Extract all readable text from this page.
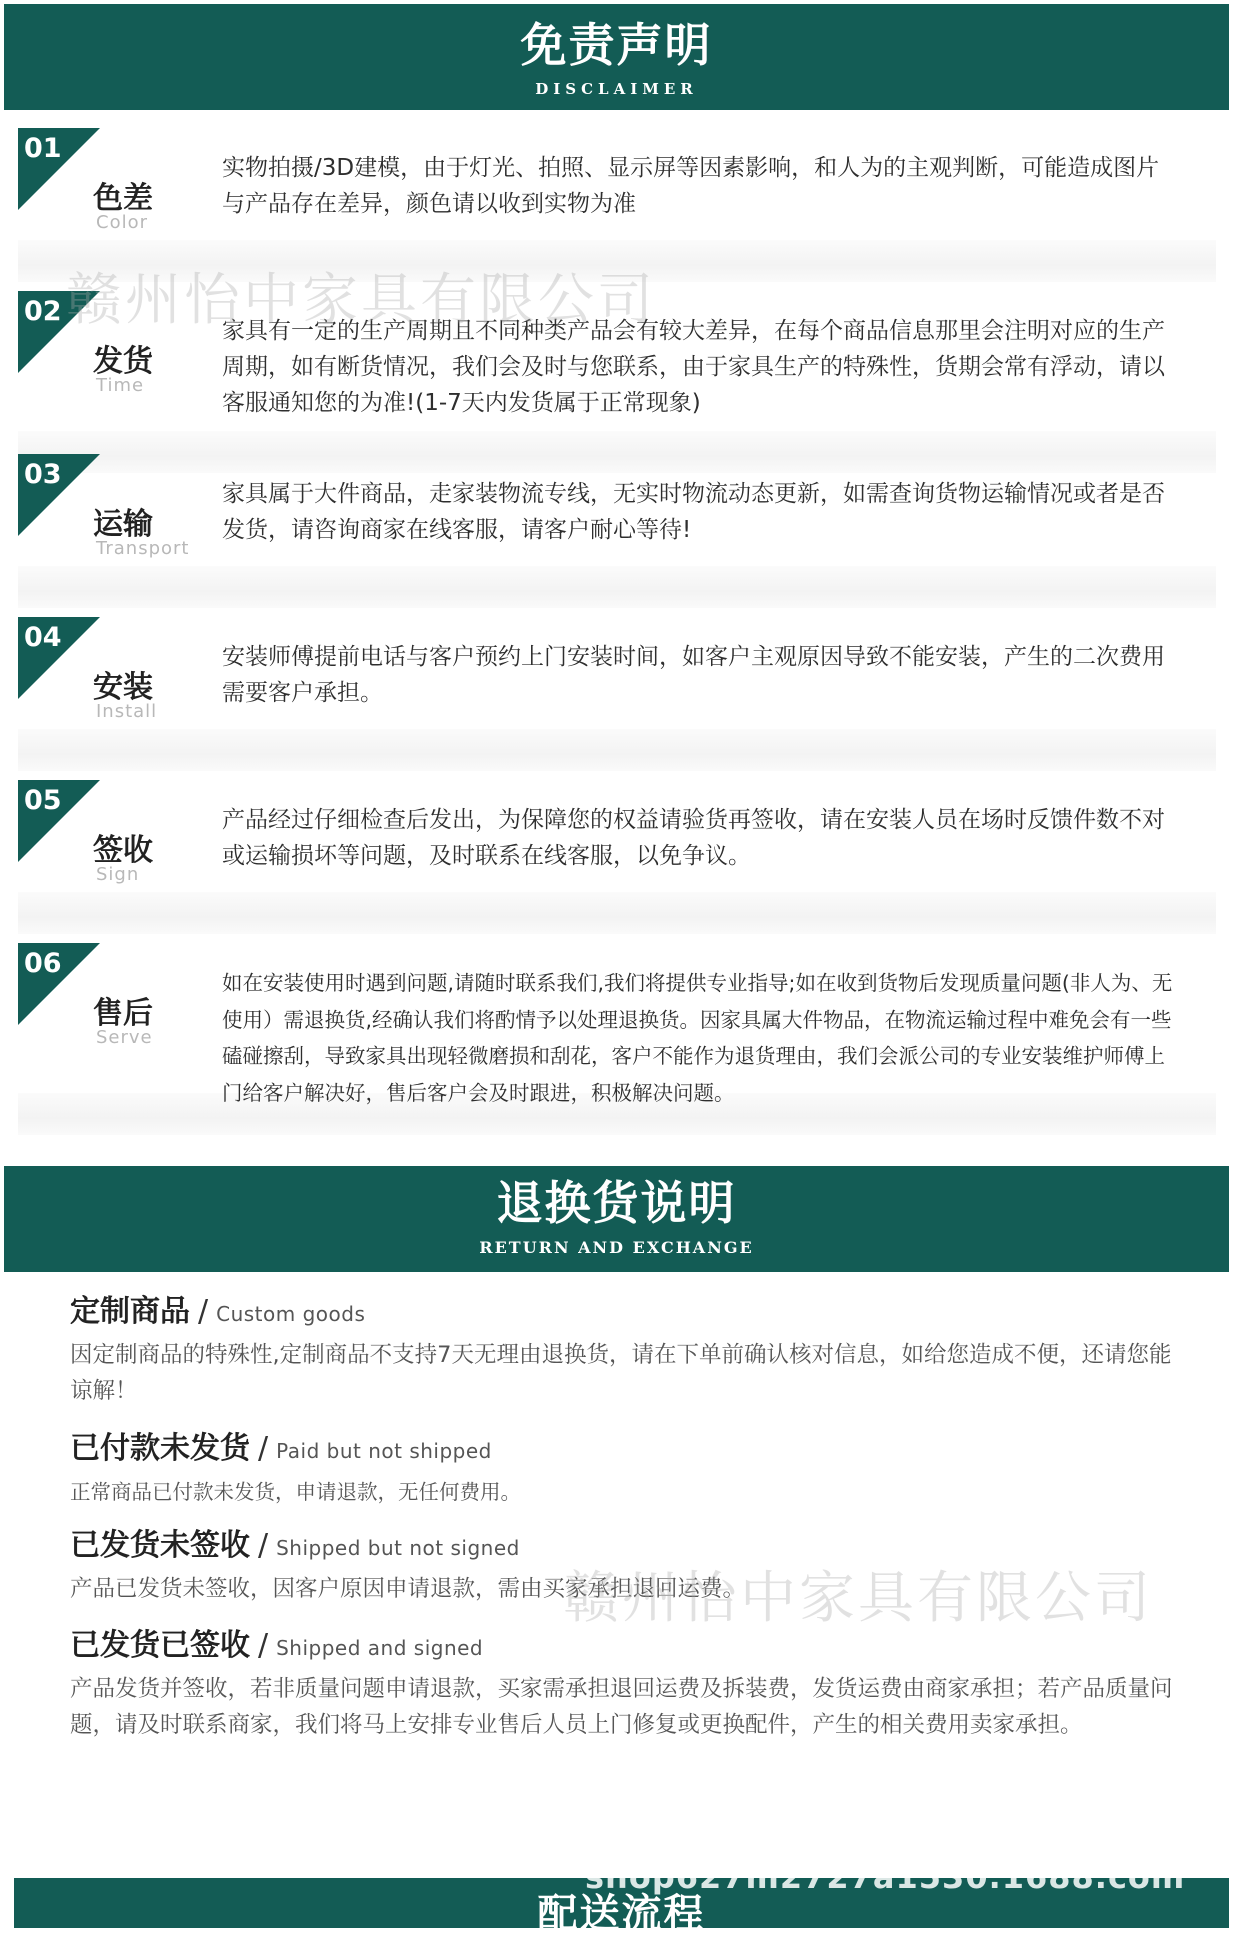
免责声明
DISCLAIMER
01
色差
Color
实物拍摄/3D建模，由于灯光、拍照、显示屏等因素影响，和人为的主观判断，可能造成图片与产品存在差异，颜色请以收到实物为准
02
发货
Time
家具有一定的生产周期且不同种类产品会有较大差异，在每个商品信息那里会注明对应的生产周期，如有断货情况，我们会及时与您联系，由于家具生产的特殊性，货期会常有浮动，请以客服通知您的为准!(1-7天内发货属于正常现象)
03
运输
Transport
家具属于大件商品，走家装物流专线，无实时物流动态更新，如需查询货物运输情况或者是否发货，请咨询商家在线客服，请客户耐心等待!
04
安装
Install
安装师傅提前电话与客户预约上门安装时间，如客户主观原因导致不能安装，产生的二次费用需要客户承担。
05
签收
Sign
产品经过仔细检查后发出，为保障您的权益请验货再签收，请在安装人员在场时反馈件数不对或运输损坏等问题，及时联系在线客服，以免争议。
06
售后
Serve
如在安装使用时遇到问题,请随时联系我们,我们将提供专业指导;如在收到货物后发现质量问题(非人为、无使用）需退换货,经确认我们将酌情予以处理退换货。因家具属大件物品，在物流运输过程中难免会有一些磕碰擦刮，导致家具出现轻微磨损和刮花，客户不能作为退货理由，我们会派公司的专业安装维护师傅上门给客户解决好，售后客户会及时跟进，积极解决问题。
退换货说明
RETURN AND EXCHANGE
定制商品 / Custom goods
因定制商品的特殊性,定制商品不支持7天无理由退换货，请在下单前确认核对信息，如给您造成不便，还请您能谅解！
已付款未发货 / Paid but not shipped
正常商品已付款未发货，申请退款，无任何费用。
已发货未签收 / Shipped but not signed
产品已发货未签收，因客户原因申请退款，需由买家承担退回运费。
已发货已签收 / Shipped and signed
产品发货并签收，若非质量问题申请退款，买家需承担退回运费及拆装费，发货运费由商家承担；若产品质量问题，请及时联系商家，我们将马上安排专业售后人员上门修复或更换配件，产生的相关费用卖家承担。
配送流程
shop627m2727a1530.1688.com
赣州怡中家具有限公司
赣州怡中家具有限公司
